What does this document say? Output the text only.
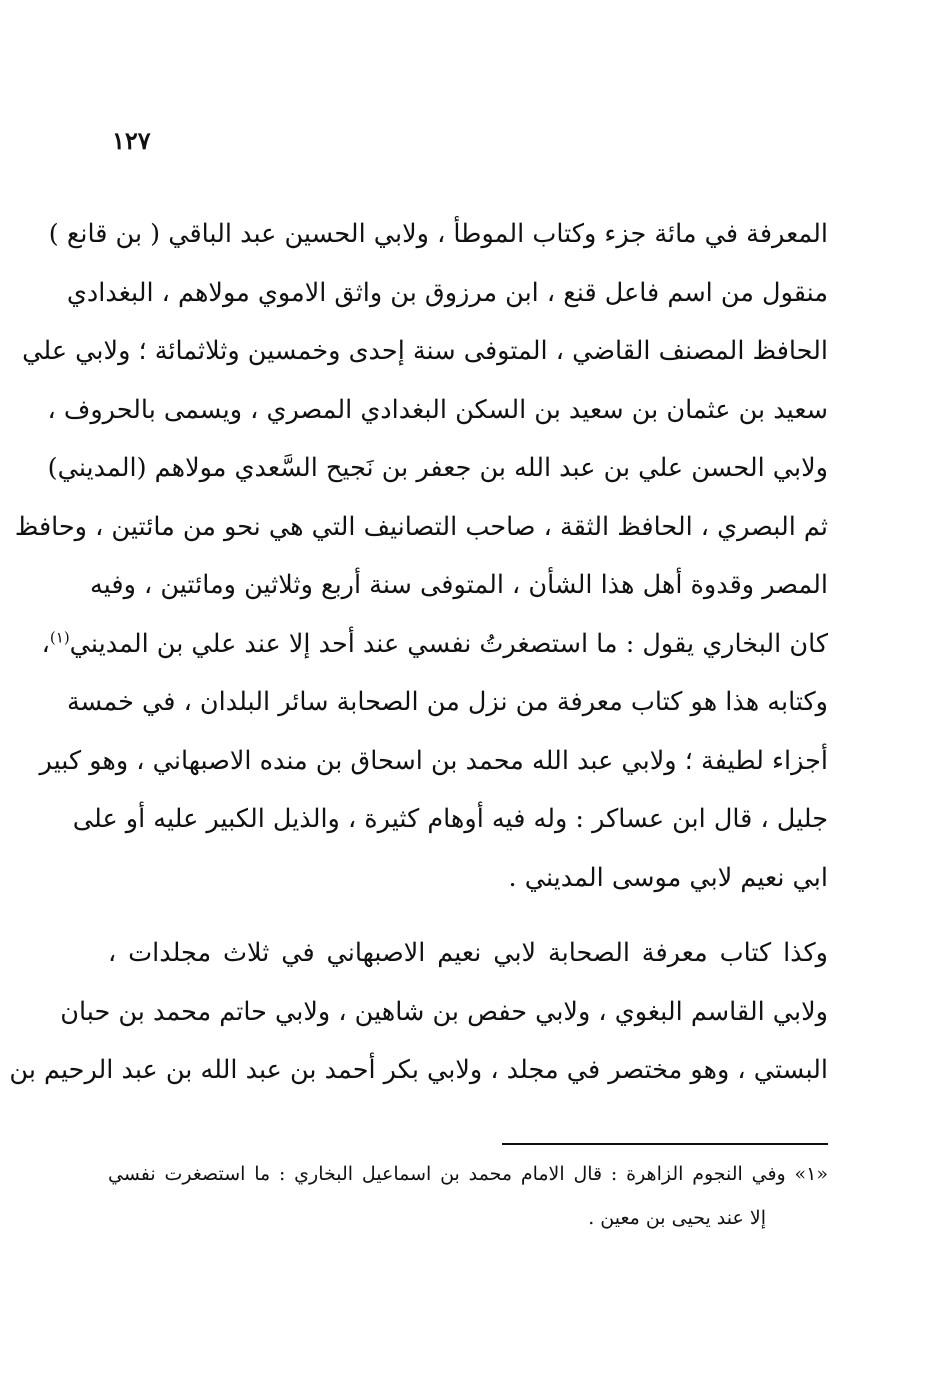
١٢٧
المعرفة في مائة جزء وكتاب الموطأ ، ولابي الحسين عبد الباقي ( بن قانع )
منقول من اسم فاعل قنع ، ابن مرزوق بن واثق الاموي مولاهم ، البغدادي
الحافظ المصنف القاضي ، المتوفى سنة إحدى وخمسين وثلاثمائة ؛ ولابي علي
سعيد بن عثمان بن سعيد بن السكن البغدادي المصري ، ويسمى بالحروف ،
ولابي الحسن علي بن عبد الله بن جعفر بن نَجيح السَّعدي مولاهم (المديني)
ثم البصري ، الحافظ الثقة ، صاحب التصانيف التي هي نحو من مائتين ، وحافظ
المصر وقدوة أهل هذا الشأن ، المتوفى سنة أربع وثلاثين ومائتين ، وفيه
كان البخاري يقول : ما استصغرتُ نفسي عند أحد إلا عند علي بن المديني$^{(١)}$،
وكتابه هذا هو كتاب معرفة من نزل من الصحابة سائر البلدان ، في خمسة
أجزاء لطيفة ؛ ولابي عبد الله محمد بن اسحاق بن منده الاصبهاني ، وهو كبير
جليل ، قال ابن عساكر : وله فيه أوهام كثيرة ، والذيل الكبير عليه أو على
ابي نعيم لابي موسى المديني .
وكذا كتاب معرفة الصحابة لابي نعيم الاصبهاني في ثلاث مجلدات ،
ولابي القاسم البغوي ، ولابي حفص بن شاهين ، ولابي حاتم محمد بن حبان
البستي ، وهو مختصر في مجلد ، ولابي بكر أحمد بن عبد الله بن عبد الرحيم بن
«١» وفي النجوم الزاهرة : قال الامام محمد بن اسماعيل البخاري : ما استصغرت نفسي
إلا عند يحيى بن معين .
